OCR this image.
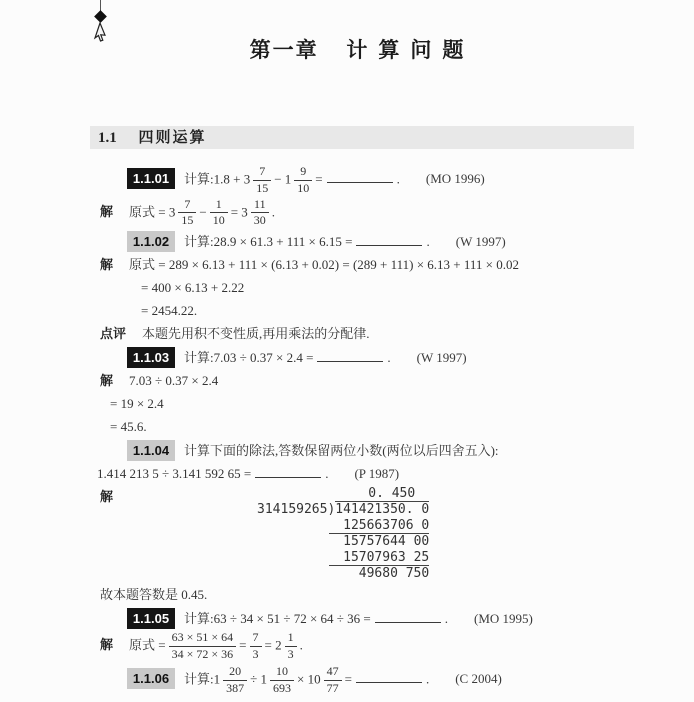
第一章 计算问题
1.1 四则运算
1.1.01 计算:1.8 + $3 \frac{7}{15} - 1 \frac{9}{10}$ =	. (MO 1996)
解 原式 = $3 \frac{7}{15} - \frac{1}{10} = 3 \frac{11}{30}$ .
1.1.02 计算:28.9 × 61.3 + 111 × 6.15 =	. (W 1997)
解 原式 = 289 × 6.13 + 111 × (6.13 + 0.02) = (289 + 111) × 6.13 + 111 × 0.02
= 400 × 6.13 + 2.22
= 2454.22.
点评 本题先用积不变性质,再用乘法的分配律.
1.1.03 计算:7.03 ÷ 0.37 × 2.4 =	. (W 1997)
解 7.03 ÷ 0.37 × 2.4
= 19 × 2.4
= 45.6.
1.1.04 计算下面的除法,答数保留两位小数(两位以后四舍五入):
1.414 213 5 ÷ 3.141 592 65 =	. (P 1987)
解	0. 450
314159265)141421350. 0
125663706 0
15757644 00
15707963 25
49680 750
故本题答数是 0.45.
1.1.05 计算:63 ÷ 34 × 51 ÷ 72 × 64 ÷ 36 =	. (MO 1995)
解 原式 = $\frac{63 \times 51 \times 64}{34 \times 72 \times 36} = \frac{7}{3} = 2 \frac{1}{3}$ .
1.1.06 计算:1 $\frac{20}{387} \div 1 \frac{10}{693} \times 10 \frac{47}{77}$ =	. (C 2004)
